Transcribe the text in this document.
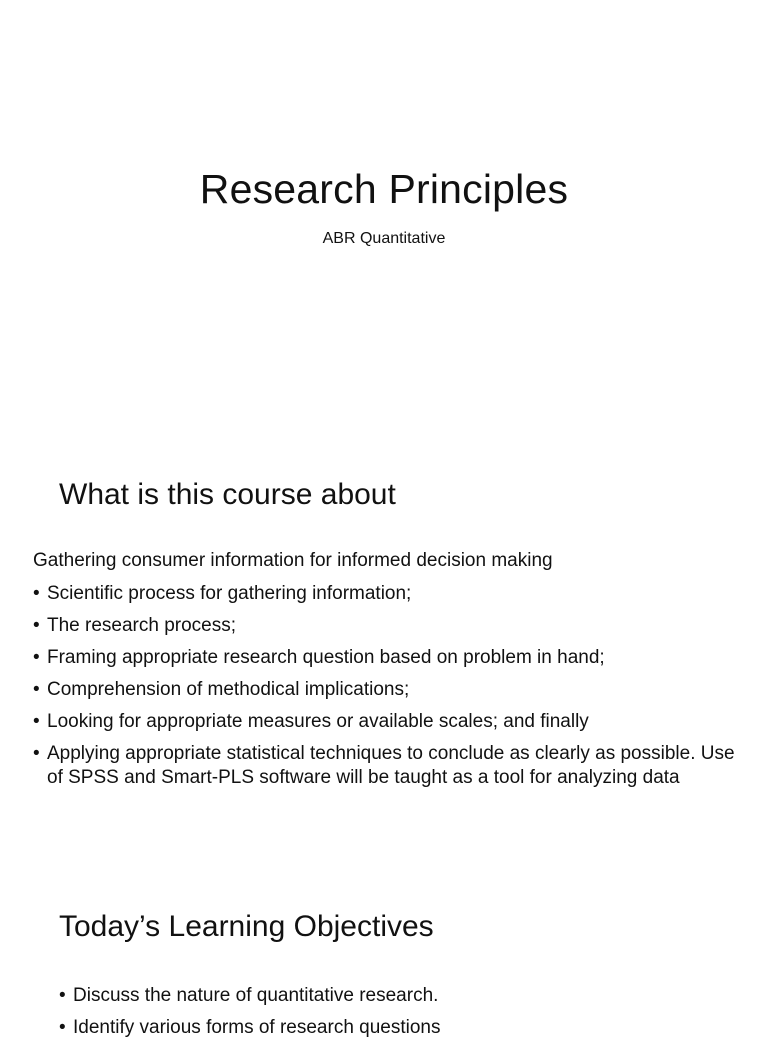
Research Principles

ABR Quantitative

What is this course about

Gathering consumer information for informed decision making

• Scientific process for gathering information;
• The research process;
• Framing appropriate research question based on problem in hand;
• Comprehension of methodical implications;
• Looking for appropriate measures or available scales; and finally
• Applying appropriate statistical techniques to conclude as clearly as possible. Use of SPSS and Smart-PLS software will be taught as a tool for analyzing data
Today’s Learning Objectives
• Discuss the nature of quantitative research.
• Identify various forms of research questions
